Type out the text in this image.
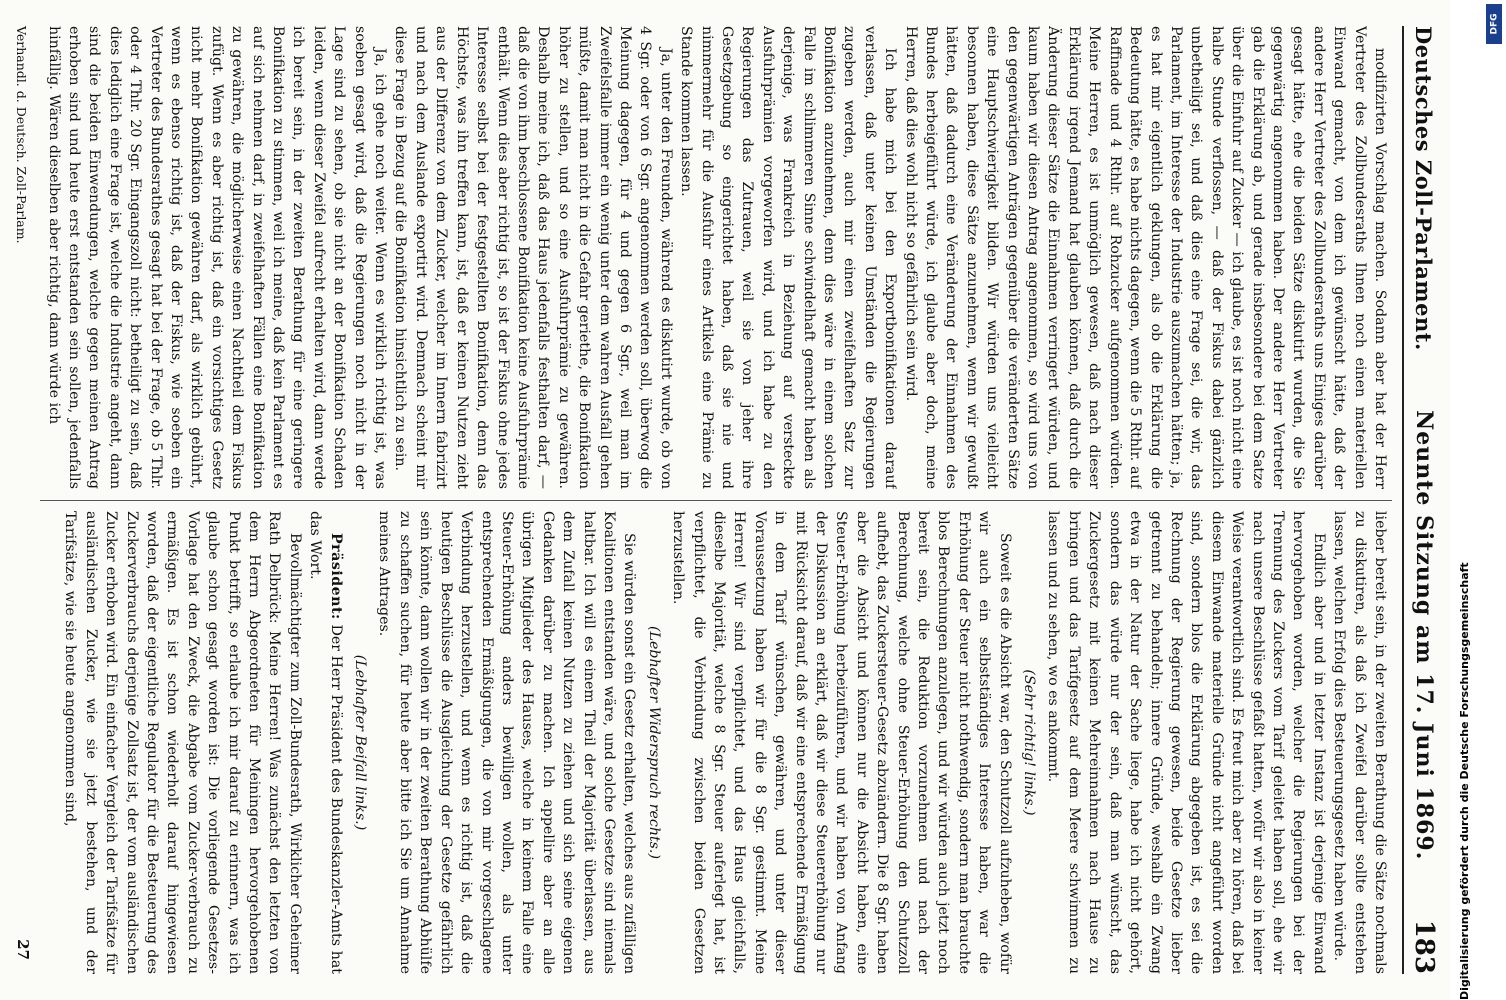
Deutsches Zoll-Parlament.
Neunte Sitzung am 17. Juni 1869.
183

modifizirten Vorschlag machen. Sodann aber hat der Herr Vertreter des Zollbundesraths Ihnen noch einen materiellen Einwand gemacht, von dem ich gewünscht hätte, daß der andere Herr Vertreter des Zollbundesraths uns Einiges darüber gesagt hätte, ehe die beiden Sätze diskutirt wurden, die Sie gegenwärtig angenommen haben. Der andere Herr Vertreter gab die Erklärung ab, und gerade insbesondere bei dem Satze über die Einfuhr auf Zucker — ich glaube, es ist noch nicht eine halbe Stunde verflossen, — daß der Fiskus dabei gänzlich unbetheiligt sei, und daß dies eine Frage sei, die wir, das Parlament, im Interesse der Industrie auszumachen hätten; ja, es hat mir eigentlich geklungen, als ob die Erklärung die Bedeutung hätte, es habe nichts dagegen, wenn die 5 Rthlr. auf Raffinade und 4 Rthlr. auf Rohzucker aufgenommen würden. Meine Herren, es ist unmöglich gewesen, daß nach dieser Erklärung irgend Jemand hat glauben können, daß durch die Änderung dieser Sätze die Einnahmen verringert würden, und kaum haben wir diesen Antrag angenommen, so wird uns von den gegenwärtigen Anträgen gegenüber die veränderten Sätze eine Hauptschwierigkeit bilden. Wir würden uns vielleicht besonnen haben, diese Sätze anzunehmen, wenn wir gewußt hätten, daß dadurch eine Veränderung der Einnahmen des Bundes herbeigeführt würde, ich glaube aber doch, meine Herren, daß dies wohl nicht so gefährlich sein wird.

Ich habe mich bei den Exportbonifikationen darauf verlassen, daß unter keinen Umständen die Regierungen zugeben werden, auch mir einen zweifelhaften Satz zur Bonifikation anzunehmen, denn dies wäre in einem solchen Falle im schlimmeren Sinne schwindelhaft gemacht haben als derjenige, was Frankreich in Beziehung auf versteckte Ausfuhrprämien vorgeworfen wird, und ich habe zu den Regierungen das Zutrauen, weil sie von jeher ihre Gesetzgebung so eingerichtet haben, daß sie nie und nimmermehr für die Ausfuhr eines Artikels eine Prämie zu Stande kommen lassen.

Ja, unter den Freunden, während es diskutirt wurde, ob von 4 Sgr. oder von 6 Sgr. angenommen werden soll, überwog die Meinung dagegen, für 4 und gegen 6 Sgr., weil man im Zweifelsfalle immer ein wenig unter dem wahren Ausfall gehen müßte, damit man nicht in die Gefahr geriethe, die Bonifikation höher zu stellen, und so eine Ausfuhrprämie zu gewähren. Deshalb meine ich, daß das Haus jedenfalls festhalten darf, — daß die von ihm beschlossene Bonifikation keine Ausfuhrprämie enthält. Wenn dies aber richtig ist, so ist der Fiskus ohne jedes Interesse selbst bei der festgestellten Bonifikation, denn das Höchste, was ihn treffen kann, ist, daß er keinen Nutzen zieht aus der Differenz von dem Zucker, welcher im Innern fabrizirt und nach dem Auslande exportirt wird. Demnach scheint mir diese Frage in Bezug auf die Bonifikation hinsichtlich zu sein.

Ja, ich gehe noch weiter. Wenn es wirklich richtig ist, was soeben gesagt wird, daß die Regierungen noch nicht in der Lage sind zu sehen, ob sie nicht an der Bonifikation Schaden leiden, wenn dieser Zweifel aufrecht erhalten wird, dann werde ich bereit sein, in der zweiten Berathung für eine geringere Bonifikation zu stimmen, weil ich meine, daß kein Parlament es auf sich nehmen darf, in zweifelhaften Fällen eine Bonifikation zu gewähren, die möglicherweise einen Nachtheil dem Fiskus zufügt. Wenn es aber richtig ist, daß ein vorsichtiges Gesetz nicht mehr Bonifikation gewähren darf, als wirklich gebührt, wenn es ebenso richtig ist, daß der Fiskus, wie soeben ein Vertreter des Bundesrathes gesagt hat bei der Frage, ob 5 Thlr. oder 4 Thlr. 20 Sgr. Eingangszoll nicht: betheiligt zu sein, daß dies lediglich eine Frage ist, welche die Industrie angeht, dann sind die beiden Einwendungen, welche gegen meinen Antrag erhoben sind und heute erst entstanden sein sollen, jedenfalls hinfällig. Wären dieselben aber richtig, dann würde ich

lieber bereit sein, in der zweiten Berathung die Sätze nochmals zu diskutiren, als daß ich Zweifel darüber sollte entstehen lassen, welchen Erfolg dies Besteuerungsgesetz haben würde.

Endlich aber und in letzter Instanz ist derjenige Einwand hervorgehoben worden, welcher die Regierungen bei der Trennung des Zuckers vom Tarif geleitet haben soll, ehe wir nach unsere Beschlüsse gefaßt hatten, wofür wir also in keiner Weise verantwortlich sind. Es freut mich aber zu hören, daß bei diesem Einwande materielle Gründe nicht angeführt worden sind, sondern blos die Erklärung abgegeben ist, es sei die Rechnung der Regierung gewesen, beide Gesetze lieber getrennt zu behandeln; innere Gründe, weshalb ein Zwang etwa in der Natur der Sache liege, habe ich nicht gehört, sondern das würde nur der sein, daß man wünscht, das Zuckergesetz mit keinen Mehreinnahmen nach Hause zu bringen und das Tarifgesetz auf dem Meere schwimmen zu lassen und zu sehen, wo es ankommt.

(Sehr richtig! links.)

Soweit es die Absicht war, den Schutzzoll aufzuheben, wofür wir auch ein selbstständiges Interesse haben, war die Erhöhung der Steuer nicht nothwendig, sondern man brauchte blos Berechnungen anzulegen, und wir würden auch jetzt noch bereit sein, die Reduktion vorzunehmen und nach der Berechnung, welche ohne Steuer-Erhöhung den Schutzzoll aufhebt, das Zuckersteuer-Gesetz abzuändern. Die 8 Sgr. haben aber die Absicht und können nur die Absicht haben, eine Steuer-Erhöhung herbeizuführen, und wir haben von Anfang der Diskussion an erklärt, daß wir diese Steuererhöhung nur mit Rücksicht darauf, daß wir eine entsprechende Ermäßigung in dem Tarif wünschen, gewähren, und unter dieser Voraussetzung haben wir für die 8 Sgr. gestimmt. Meine Herren! Wir sind verpflichtet, und das Haus gleichfalls, dieselbe Majorität, welche 8 Sgr. Steuer auferlegt hat, ist verpflichtet, die Verbindung zwischen beiden Gesetzen herzustellen.

(Lebhafter Widerspruch rechts.)

Sie würden sonst ein Gesetz erhalten, welches aus zufälligen Koalitionen entstanden wäre, und solche Gesetze sind niemals haltbar. Ich will es einem Theil der Majorität überlassen, aus dem Zufall keinen Nutzen zu ziehen und sich seine eigenen Gedanken darüber zu machen. Ich appellire aber an alle übrigen Mitglieder des Hauses, welche in keinem Falle eine Steuer-Erhöhung anders bewilligen wollen, als unter entsprechenden Ermäßigungen, die von mir vorgeschlagene Verbindung herzustellen, und wenn es richtig ist, daß die heutigen Beschlüsse die Ausgleichung der Gesetze gefährlich sein könnte, dann wollen wir in der zweiten Berathung Abhülfe zu schaffen suchen, für heute aber bitte ich Sie um Annahme meines Antrages.

(Lebhafter Beifall links.)

Präsident: Der Herr Präsident des Bundeskanzler-Amts hat das Wort.

Bevollmächtigter zum Zoll-Bundesrath, Wirklicher Geheimer Rath Delbrück: Meine Herren! Was zunächst den letzten von dem Herrn Abgeordneten für Meiningen hervorgehobenen Punkt betrifft, so erlaube ich mir darauf zu erinnern, was ich glaube schon gesagt worden ist: Die vorliegende Gesetzes-Vorlage hat den Zweck, die Abgabe vom Zucker-verbrauch zu ermäßigen. Es ist schon wiederholt darauf hingewiesen worden, daß der eigentliche Regulator für die Besteuerung des Zuckerverbrauchs derjenige Zollsatz ist, der vom ausländischen Zucker erhoben wird. Ein einfacher Vergleich der Tarifsätze für ausländischen Zucker, wie sie jetzt bestehen, und der Tarifsätze, wie sie heute angenommen sind,

Verhandl. d. Deutsch. Zoll-Parlam.
27	Digitalisierung gefördert durch die Deutsche Forschungsgemeinschaft
DFG
